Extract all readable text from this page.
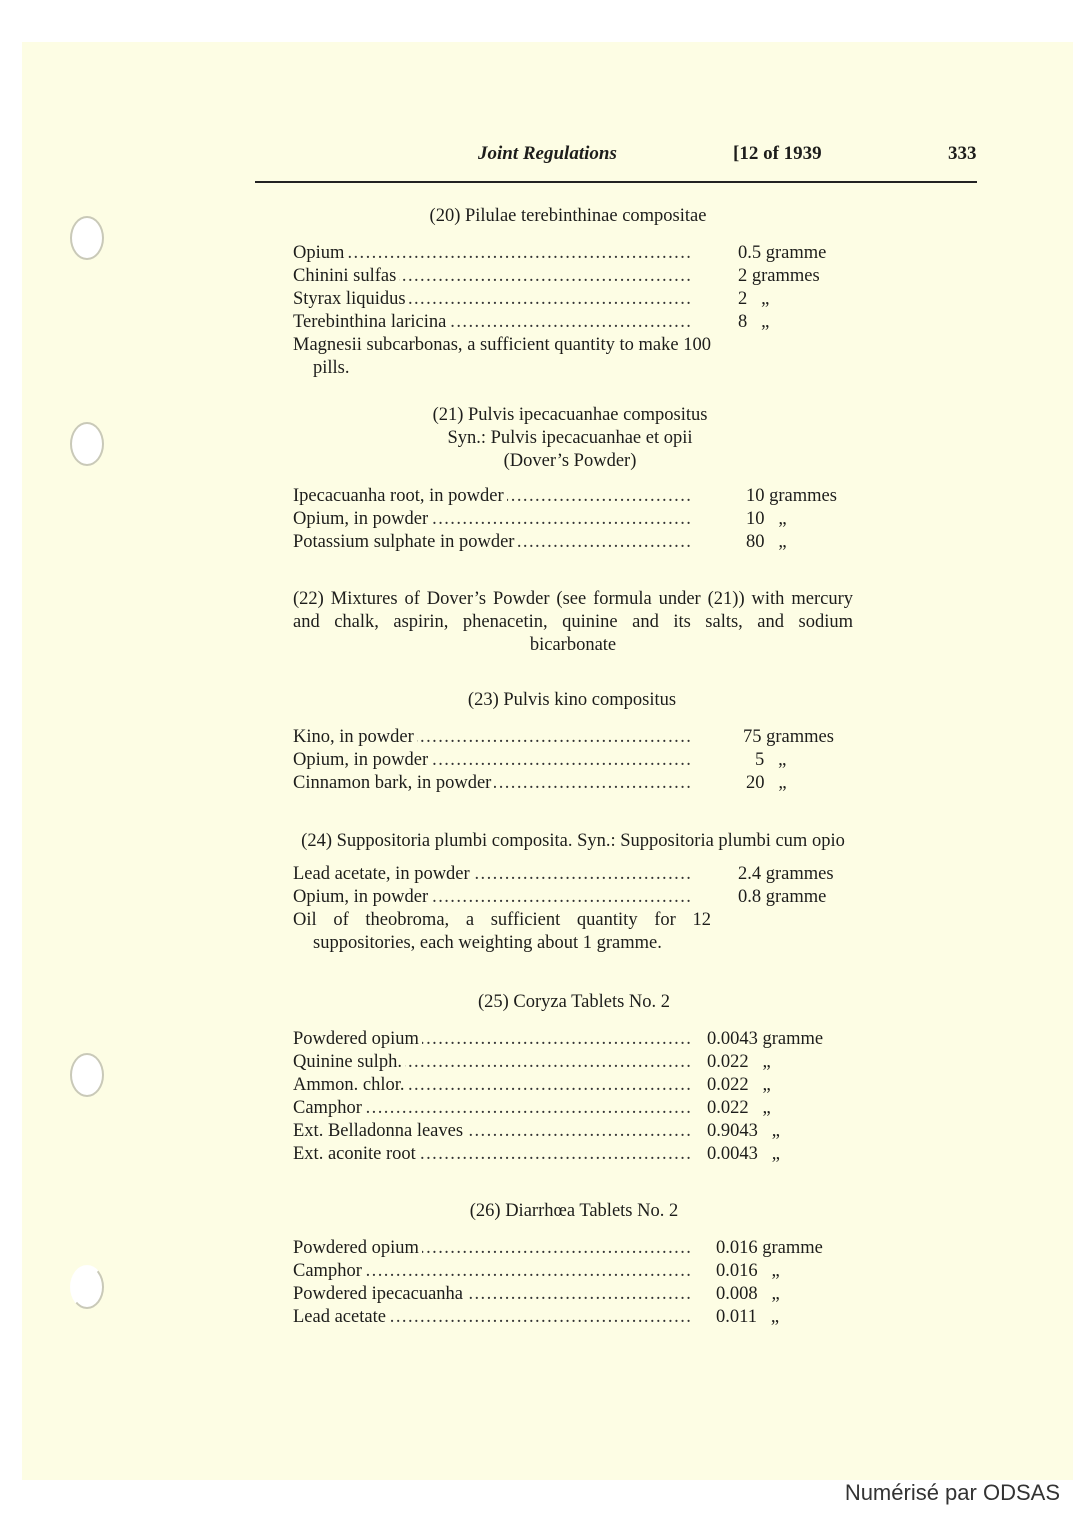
Joint Regulations	[12 of 1939	333
(20) Pilulae terebinthinae compositae
. . .
Opium	0.5 gramme
. . .
Chinini sulfas	2 grammes
. . .
Styrax liquidus	2   „
. . .
Terebinthina laricina	8   „
Magnesii subcarbonas, a sufficient quantity to make 100 pills.
(21) Pulvis ipecacuanhae compositus
Syn.: Pulvis ipecacuanhae et opii
(Dover’s Powder)
. . .
Ipecacuanha root, in powder	10 grammes
. . .
Opium, in powder	10   „
. . .
Potassium sulphate in powder	80   „
(22) Mixtures of Dover’s Powder (see formula under (21)) with mercury and chalk, aspirin, phenacetin, quinine and its salts, and sodium bicarbonate
(23) Pulvis kino compositus
. . .
Kino, in powder	75 grammes
. . .
Opium, in powder	5   „
. . .
Cinnamon bark, in powder	20   „
(24) Suppositoria plumbi composita. Syn.: Suppositoria plumbi cum opio
. . .
Lead acetate, in powder	2.4 grammes
. . .
Opium, in powder	0.8 gramme
Oil of theobroma, a sufficient quantity for 12 suppositories, each weighting about 1 gramme.
(25) Coryza Tablets No. 2
. . .
Powdered opium	0.0043 gramme
. . .
Quinine sulph.	0.022   „
. . .
Ammon. chlor.	0.022   „
. . .
Camphor	0.022   „
. . .
Ext. Belladonna leaves	0.9043   „
. . .
Ext. aconite root	0.0043   „
(26) Diarrhœa Tablets No. 2
. . .
Powdered opium	0.016 gramme
. . .
Camphor	0.016   „
. . .
Powdered ipecacuanha	0.008   „
. . .
Lead acetate	0.011   „
Numérisé par ODSAS
